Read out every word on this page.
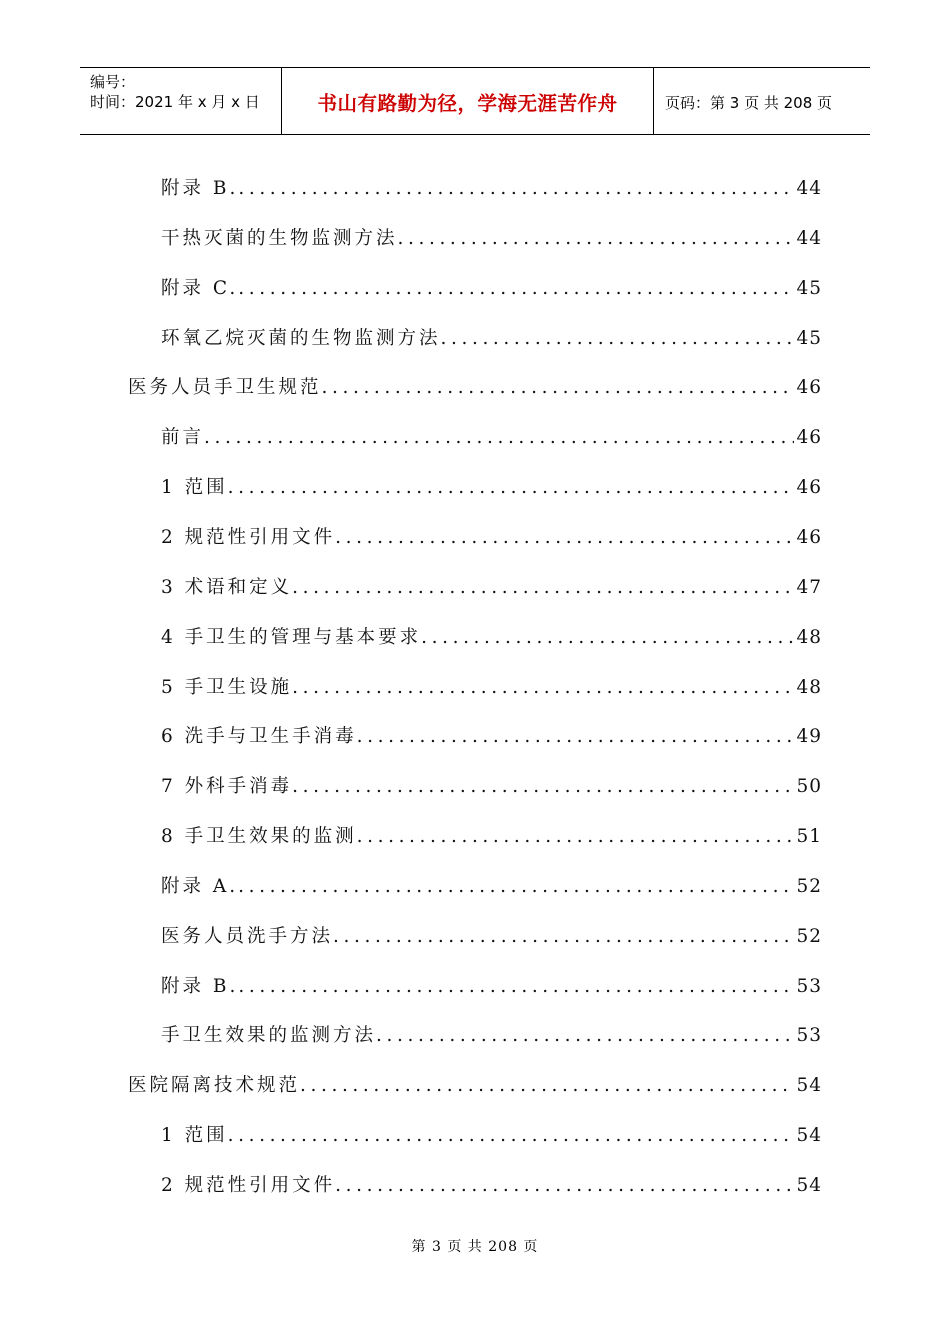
编号：
时间：2021 年 x 月 x 日	书山有路勤为径，学海无涯苦作舟	页码：第 3 页 共 208 页
附录 B. .....	44
干热灭菌的生物监测方法 .....	44
附录 C. .....	45
环氧乙烷灭菌的生物监测方法 .....	45
医务人员手卫生规范 .....	46
前言 .....	46
1 范围 .....	46
2 规范性引用文件 .....	46
3 术语和定义 .....	47
4 手卫生的管理与基本要求 .....	48
5 手卫生设施 .....	48
6 洗手与卫生手消毒 .....	49
7 外科手消毒 .....	50
8 手卫生效果的监测 .....	51
附录 A. .....	52
医务人员洗手方法 .....	52
附录 B. .....	53
手卫生效果的监测方法 .....	53
医院隔离技术规范 .....	54
1 范围 .....	54
2 规范性引用文件 .....	54
第 3 页 共 208 页
